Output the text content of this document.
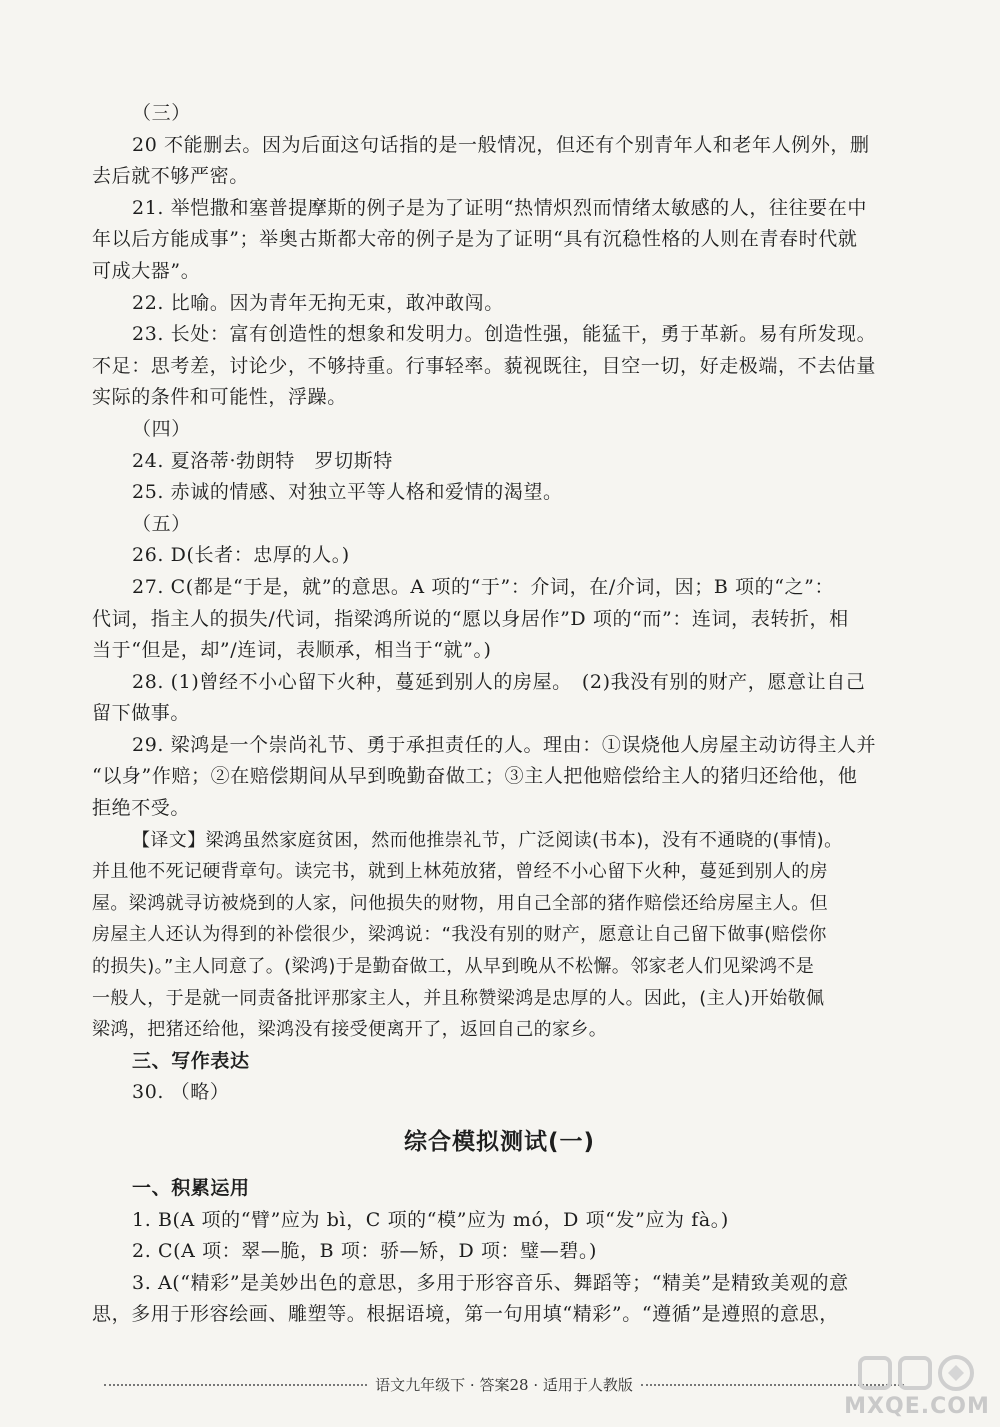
（三）
20 不能删去。因为后面这句话指的是一般情况，但还有个别青年人和老年人例外，删
去后就不够严密。
21. 举恺撒和塞普提摩斯的例子是为了证明“热情炽烈而情绪太敏感的人，往往要在中
年以后方能成事”；举奥古斯都大帝的例子是为了证明“具有沉稳性格的人则在青春时代就
可成大器”。
22. 比喻。因为青年无拘无束，敢冲敢闯。
23. 长处：富有创造性的想象和发明力。创造性强，能猛干，勇于革新。易有所发现。
不足：思考差，讨论少，不够持重。行事轻率。藐视既往，目空一切，好走极端，不去估量
实际的条件和可能性，浮躁。
（四）
24. 夏洛蒂·勃朗特　罗切斯特
25. 赤诚的情感、对独立平等人格和爱情的渴望。
（五）
26. D(长者：忠厚的人。)
27. C(都是“于是，就”的意思。A 项的“于”：介词，在/介词，因；B 项的“之”：
代词，指主人的损失/代词，指梁鸿所说的“愿以身居作”D 项的“而”：连词，表转折，相
当于“但是，却”/连词，表顺承，相当于“就”。)
28. (1)曾经不小心留下火种，蔓延到别人的房屋。　(2)我没有别的财产，愿意让自己
留下做事。
29. 梁鸿是一个崇尚礼节、勇于承担责任的人。理由：①误烧他人房屋主动访得主人并
“以身”作赔；②在赔偿期间从早到晚勤奋做工；③主人把他赔偿给主人的猪归还给他，他
拒绝不受。
【译文】梁鸿虽然家庭贫困，然而他推崇礼节，广泛阅读(书本)，没有不通晓的(事情)。
并且他不死记硬背章句。读完书，就到上林苑放猪，曾经不小心留下火种，蔓延到别人的房
屋。梁鸿就寻访被烧到的人家，问他损失的财物，用自己全部的猪作赔偿还给房屋主人。但
房屋主人还认为得到的补偿很少，梁鸿说：“我没有别的财产，愿意让自己留下做事(赔偿你
的损失)。”主人同意了。(梁鸿)于是勤奋做工，从早到晚从不松懈。邻家老人们见梁鸿不是
一般人，于是就一同责备批评那家主人，并且称赞梁鸿是忠厚的人。因此，(主人)开始敬佩
梁鸿，把猪还给他，梁鸿没有接受便离开了，返回自己的家乡。
三、写作表达
30. （略）
综合模拟测试(一)
一、积累运用
1. B(A 项的“臂”应为 bì，C 项的“模”应为 mó，D 项“发”应为 fà。)
2. C(A 项：翠—脆，B 项：骄—矫，D 项：璧—碧。)
3. A(“精彩”是美妙出色的意思，多用于形容音乐、舞蹈等；“精美”是精致美观的意
思，多用于形容绘画、雕塑等。根据语境，第一句用填“精彩”。“遵循”是遵照的意思，
语文九年级下 · 答案28 · 适用于人教版
MXQE.COM
